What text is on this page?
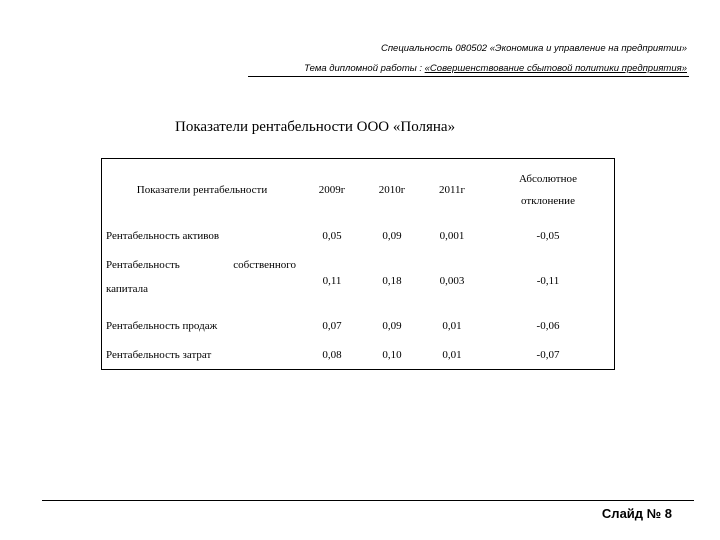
Специальность 080502 «Экономика и управление на предприятии»
Тема дипломной работы : «Совершенствование сбытовой политики предприятия»
Показатели рентабельности ООО «Поляна»
Показатели рентабельности	2009г	2010г	2011г	Абсолютное
отклонение

Рентабельность активов	0,05	0,09	0,001	-0,05

Рентабельность собственного
капитала	0,11	0,18	0,003	-0,11

Рентабельность продаж	0,07	0,09	0,01	-0,06

Рентабельность затрат	0,08	0,10	0,01	-0,07
Слайд № 8
